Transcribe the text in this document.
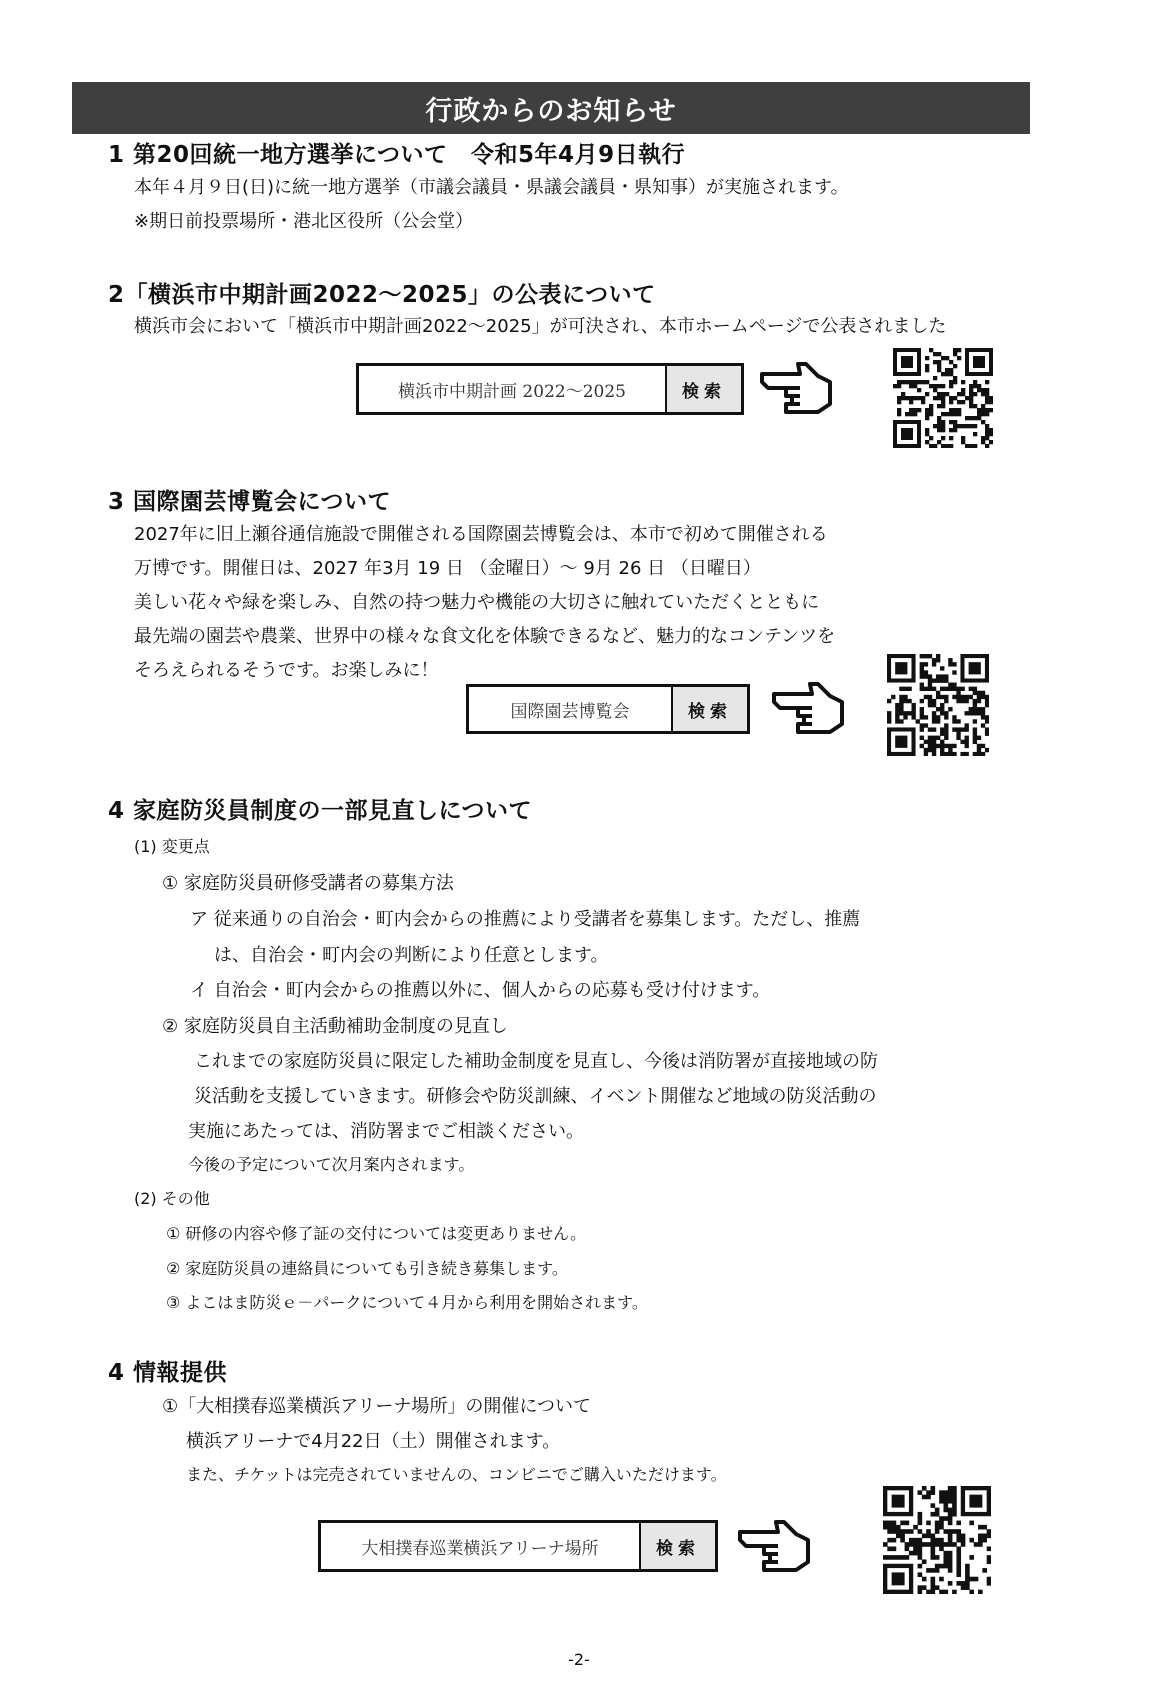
行政からのお知らせ
1 第20回統一地方選挙について　令和5年4月9日執行
本年４月９日(日)に統一地方選挙（市議会議員・県議会議員・県知事）が実施されます。
※期日前投票場所・港北区役所（公会堂）
2「横浜市中期計画2022～2025」の公表について
横浜市会において「横浜市中期計画2022～2025」が可決され、本市ホームページで公表されました
横浜市中期計画 2022～2025	検索
3 国際園芸博覧会について
2027年に旧上瀬谷通信施設で開催される国際園芸博覧会は、本市で初めて開催される
万博です。開催日は、2027 年3月 19 日 （金曜日）～ 9月 26 日 （日曜日）
美しい花々や緑を楽しみ、自然の持つ魅力や機能の大切さに触れていただくとともに
最先端の園芸や農業、世界中の様々な食文化を体験できるなど、魅力的なコンテンツを
そろえられるそうです。お楽しみに！
国際園芸博覧会	検索
4 家庭防災員制度の一部見直しについて
(1) 変更点
① 家庭防災員研修受講者の募集方法
ア 従来通りの自治会・町内会からの推薦により受講者を募集します。ただし、推薦
は、自治会・町内会の判断により任意とします。
イ 自治会・町内会からの推薦以外に、個人からの応募も受け付けます。
② 家庭防災員自主活動補助金制度の見直し
これまでの家庭防災員に限定した補助金制度を見直し、今後は消防署が直接地域の防
災活動を支援していきます。研修会や防災訓練、イベント開催など地域の防災活動の
実施にあたっては、消防署までご相談ください。
今後の予定について次月案内されます。
(2) その他
① 研修の内容や修了証の交付については変更ありません。
② 家庭防災員の連絡員についても引き続き募集します。
③ よこはま防災ｅ－パークについて４月から利用を開始されます。
4 情報提供
①「大相撲春巡業横浜アリーナ場所」の開催について
横浜アリーナで4月22日（土）開催されます。
また、チケットは完売されていませんの、コンビニでご購入いただけます。
大相撲春巡業横浜アリーナ場所	検索
-2-
